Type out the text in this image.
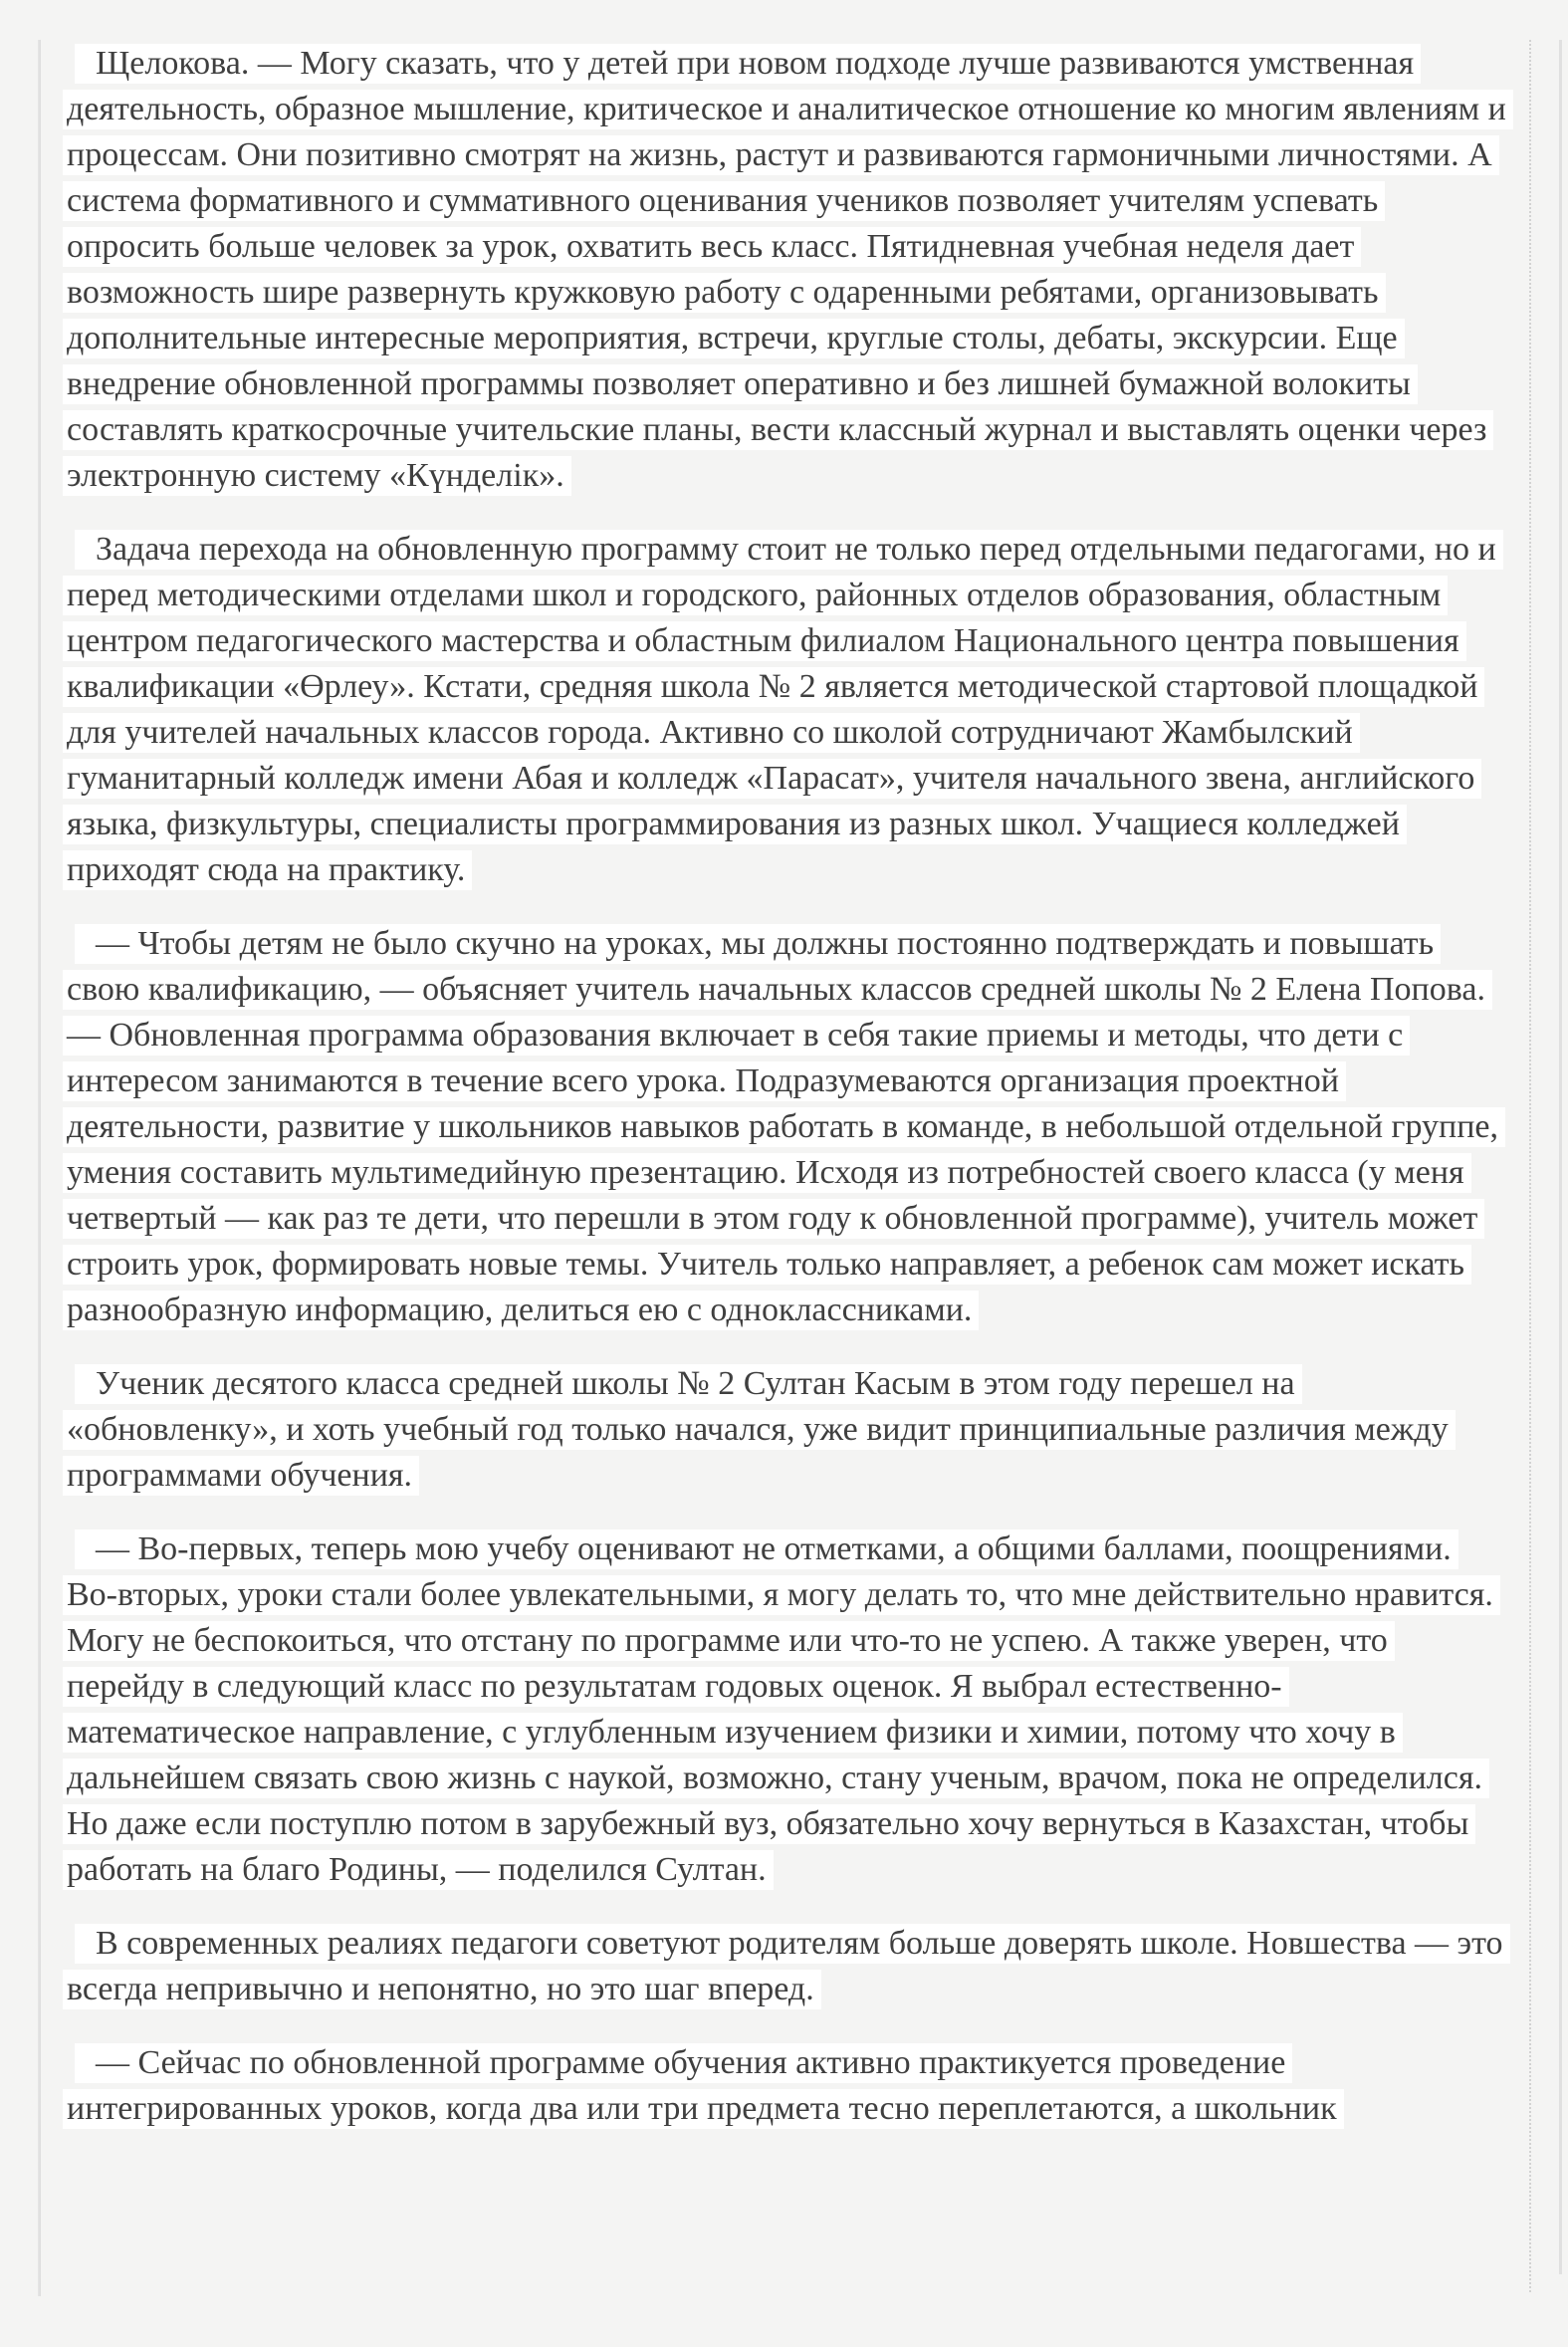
Щелокова. — Могу сказать, что у детей при новом подходе лучше развиваются умственная деятельность, образное мышление, критическое и аналитическое отношение ко многим явлениям и процессам. Они позитивно смотрят на жизнь, растут и развиваются гармоничными личностями. А система формативного и суммативного оценивания учеников позволяет учителям успевать опросить больше человек за урок, охватить весь класс. Пятидневная учебная неделя дает возможность шире развернуть кружковую работу с одаренными ребятами, организовывать дополнительные интересные мероприятия, встречи, круглые столы, дебаты, экскурсии. Еще внедрение обновленной программы позволяет оперативно и без лишней бумажной волокиты составлять краткосрочные учительские планы, вести классный журнал и выставлять оценки через электронную систему «Күнделік».

Задача перехода на обновленную программу стоит не только перед отдельными педагогами, но и перед методическими отделами школ и городского, районных отделов образования, областным центром педагогического мастерства и областным филиалом Национального центра повышения квалификации «Өрлеу». Кстати, средняя школа № 2 является методической стартовой площадкой для учителей начальных классов города. Активно со школой сотрудничают Жамбылский гуманитарный колледж имени Абая и колледж «Парасат», учителя начального звена, английского языка, физкультуры, специалисты программирования из разных школ. Учащиеся колледжей приходят сюда на практику.

— Чтобы детям не было скучно на уроках, мы должны постоянно подтверждать и повышать свою квалификацию, — объясняет учитель начальных классов средней школы № 2 Елена Попова. — Обновленная программа образования включает в себя такие приемы и методы, что дети с интересом занимаются в течение всего урока. Подразумеваются организация проектной деятельности, развитие у школьников навыков работать в команде, в небольшой отдельной группе, умения составить мультимедийную презентацию. Исходя из потребностей своего класса (у меня четвертый — как раз те дети, что перешли в этом году к обновленной программе), учитель может строить урок, формировать новые темы. Учитель только направляет, а ребенок сам может искать разнообразную информацию, делиться ею с одноклассниками.

Ученик десятого класса средней школы № 2 Султан Касым в этом году перешел на «обновленку», и хоть учебный год только начался, уже видит принципиальные различия между программами обучения.

— Во-первых, теперь мою учебу оценивают не отметками, а общими баллами, поощрениями. Во-вторых, уроки стали более увлекательными, я могу делать то, что мне действительно нравится. Могу не беспокоиться, что отстану по программе или что-то не успею. А также уверен, что перейду в следующий класс по результатам годовых оценок. Я выбрал естественно-математическое направление, с углубленным изучением физики и химии, потому что хочу в дальнейшем связать свою жизнь с наукой, возможно, стану ученым, врачом, пока не определился. Но даже если поступлю потом в зарубежный вуз, обязательно хочу вернуться в Казахстан, чтобы работать на благо Родины, — поделился Султан.

В современных реалиях педагоги советуют родителям больше доверять школе. Новшества — это всегда непривычно и непонятно, но это шаг вперед.

— Сейчас по обновленной программе обучения активно практикуется проведение интегрированных уроков, когда два или три предмета тесно переплетаются, а школьник
